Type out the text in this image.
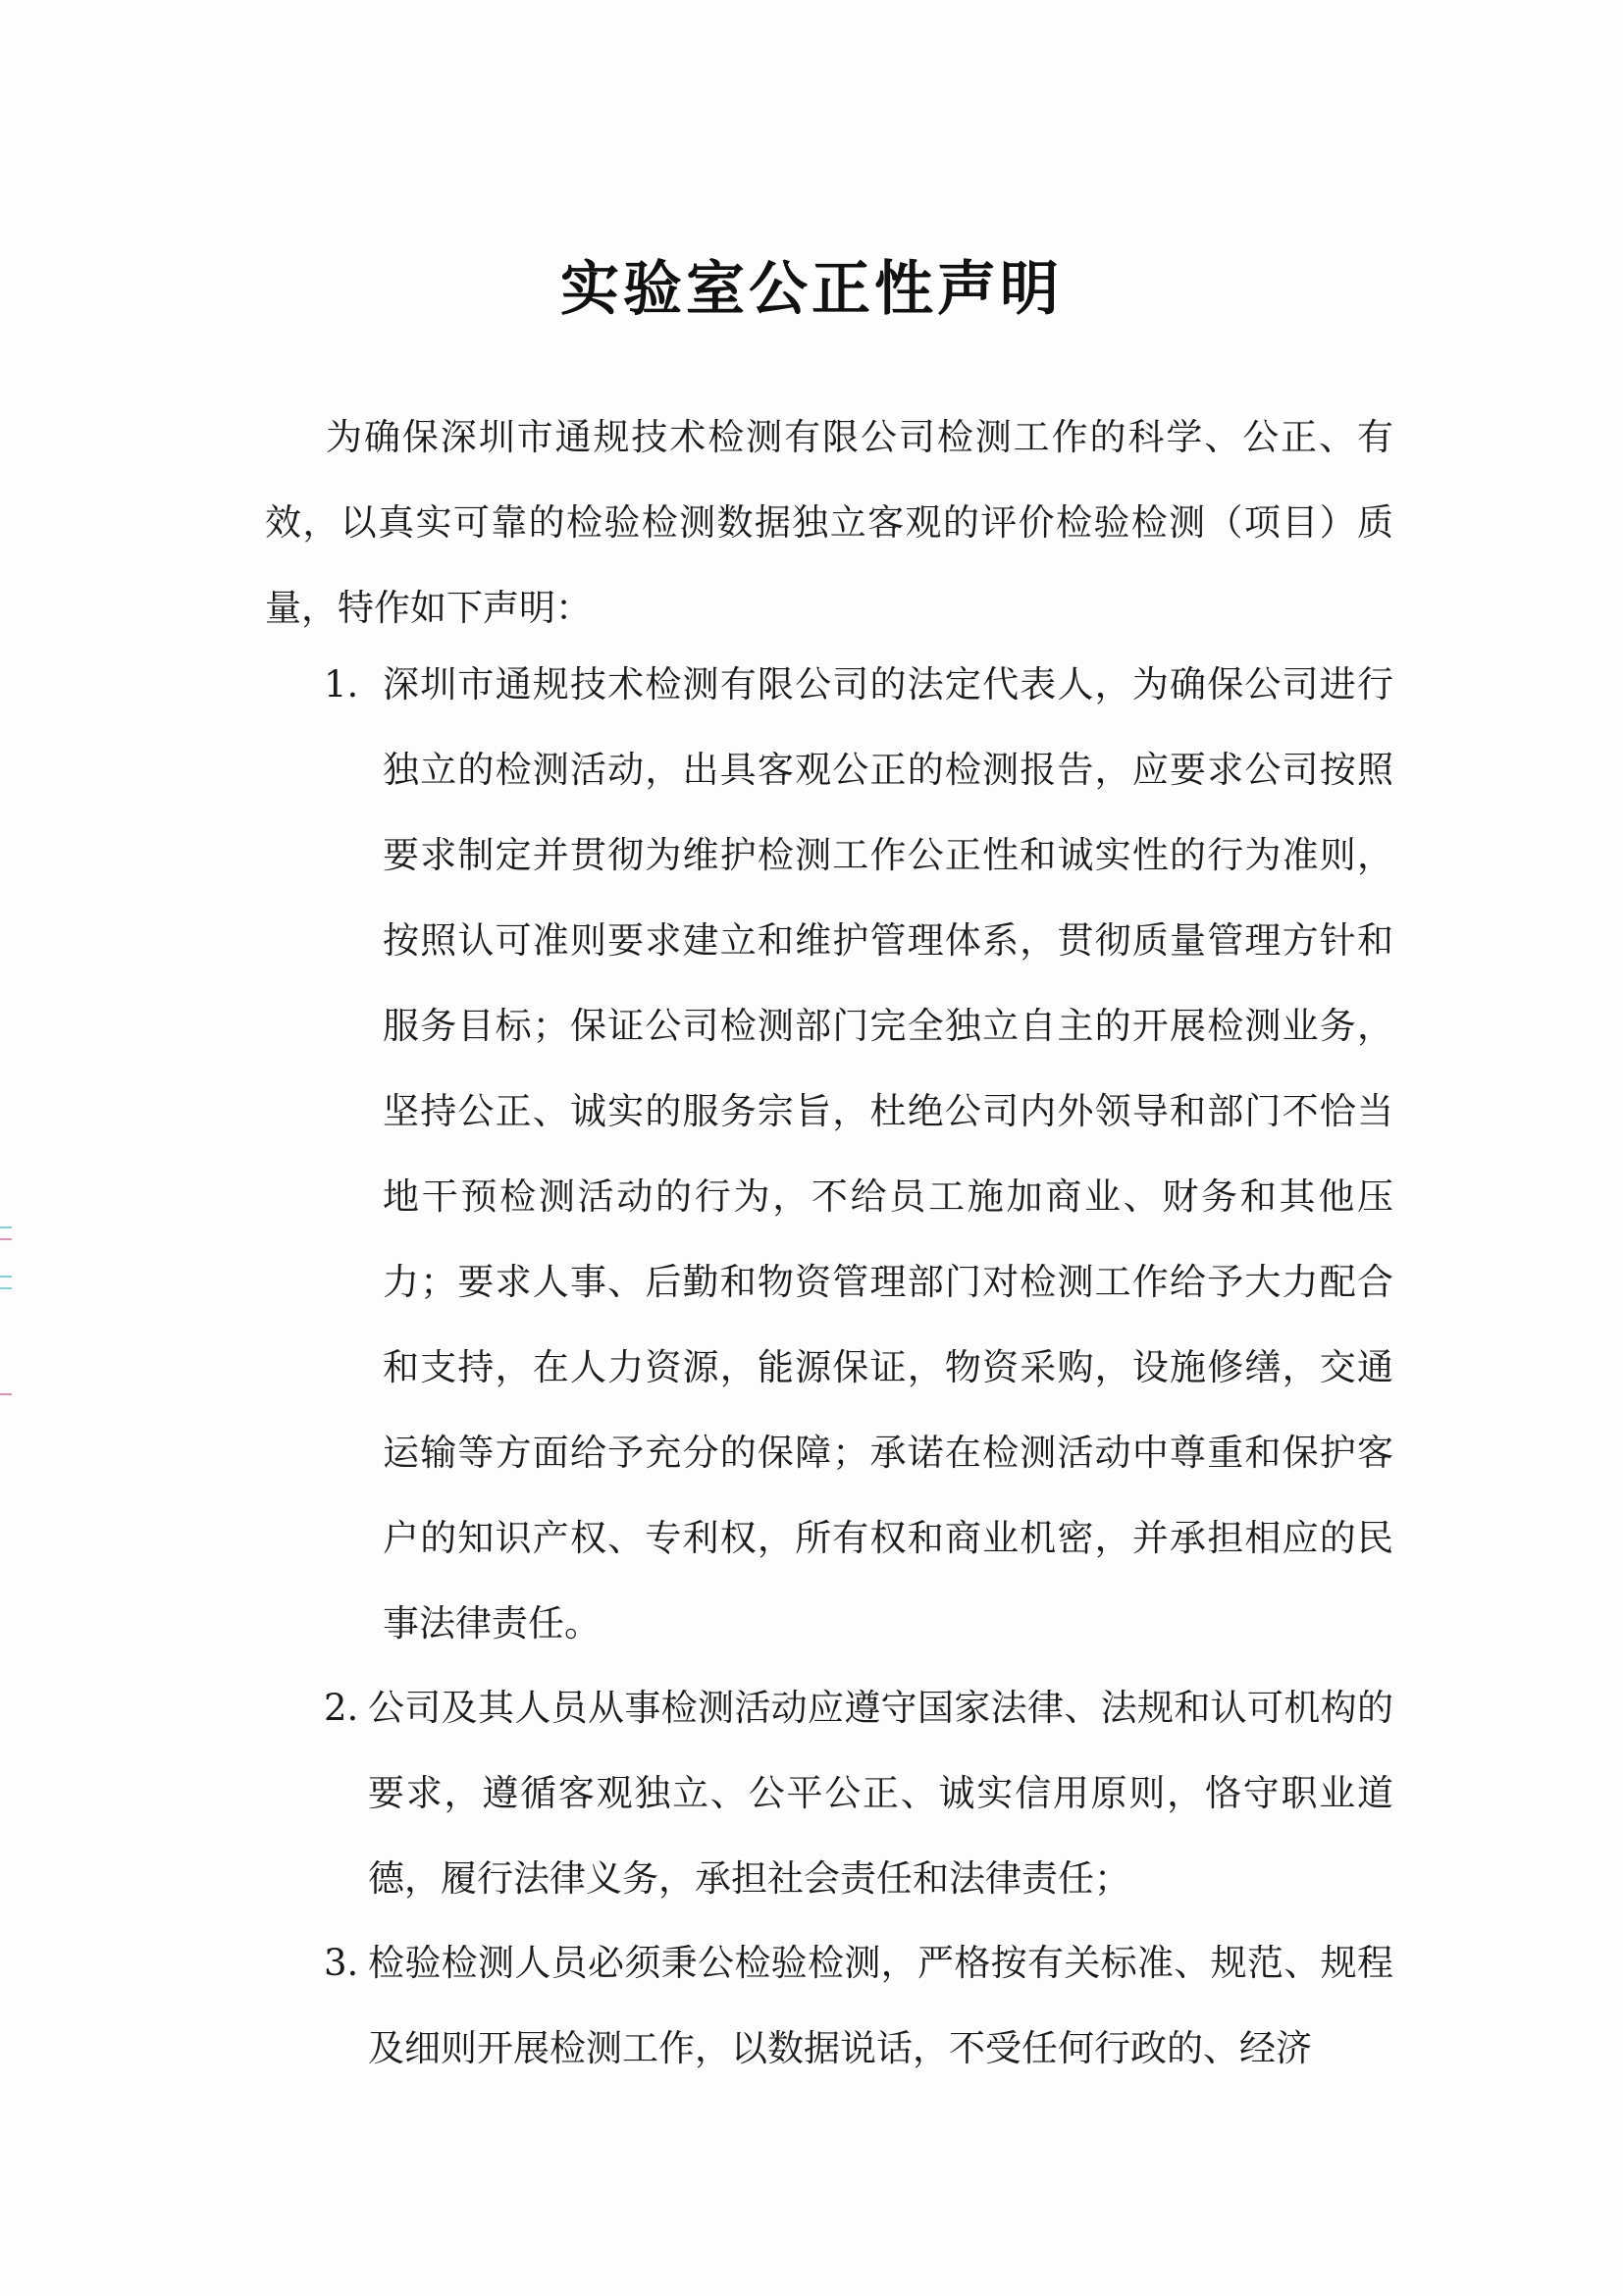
实验室公正性声明

为确保深圳市通规技术检测有限公司检测工作的科学、公正、有效，以真实可靠的检验检测数据独立客观的评价检验检测（项目）质量，特作如下声明：

1. 深圳市通规技术检测有限公司的法定代表人，为确保公司进行独立的检测活动，出具客观公正的检测报告，应要求公司按照要求制定并贯彻为维护检测工作公正性和诚实性的行为准则，按照认可准则要求建立和维护管理体系，贯彻质量管理方针和服务目标；保证公司检测部门完全独立自主的开展检测业务，坚持公正、诚实的服务宗旨，杜绝公司内外领导和部门不恰当地干预检测活动的行为，不给员工施加商业、财务和其他压力；要求人事、后勤和物资管理部门对检测工作给予大力配合和支持，在人力资源，能源保证，物资采购，设施修缮，交通运输等方面给予充分的保障；承诺在检测活动中尊重和保护客户的知识产权、专利权，所有权和商业机密，并承担相应的民事法律责任。
2. 公司及其人员从事检测活动应遵守国家法律、法规和认可机构的要求，遵循客观独立、公平公正、诚实信用原则，恪守职业道德，履行法律义务，承担社会责任和法律责任；
3. 检验检测人员必须秉公检验检测，严格按有关标准、规范、规程及细则开展检测工作，以数据说话，不受任何行政的、经济
